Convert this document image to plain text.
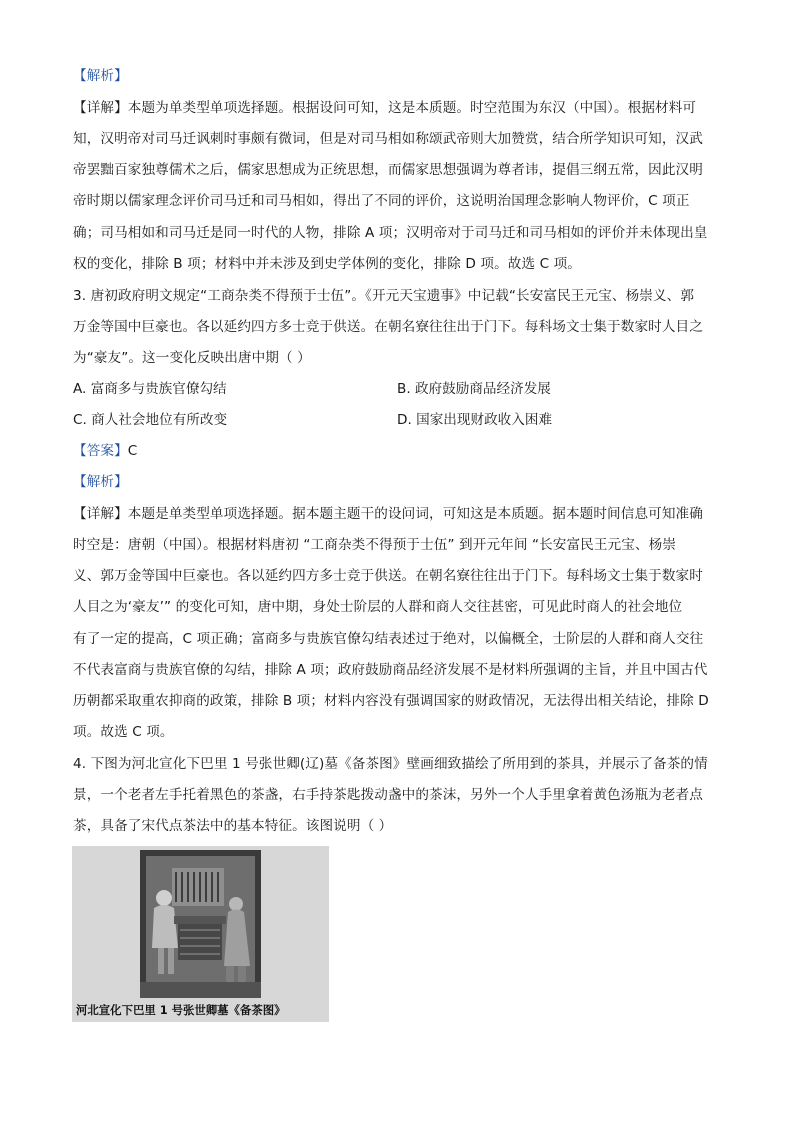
【解析】
【详解】本题为单类型单项选择题。根据设问可知，这是本质题。时空范围为东汉（中国）。根据材料可
知，汉明帝对司马迁讽刺时事颇有微词，但是对司马相如称颂武帝则大加赞赏，结合所学知识可知，汉武
帝罢黜百家独尊儒术之后，儒家思想成为正统思想，而儒家思想强调为尊者讳，提倡三纲五常，因此汉明
帝时期以儒家理念评价司马迁和司马相如，得出了不同的评价，这说明治国理念影响人物评价，C 项正
确；司马相如和司马迁是同一时代的人物，排除 A 项；汉明帝对于司马迁和司马相如的评价并未体现出皇
权的变化，排除 B 项；材料中并未涉及到史学体例的变化，排除 D 项。故选 C 项。
3. 唐初政府明文规定“工商杂类不得预于士伍”。《开元天宝遗事》中记载“长安富民王元宝、杨崇义、郭
万金等国中巨豪也。各以延约四方多士竞于供送。在朝名寮往往出于门下。每科场文士集于数家时人目之
为“豪友”。这一变化反映出唐中期（ ）
A. 富商多与贵族官僚勾结	B. 政府鼓励商品经济发展
C. 商人社会地位有所改变	D. 国家出现财政收入困难
【答案】C
【解析】
【详解】本题是单类型单项选择题。据本题主题干的设问词，可知这是本质题。据本题时间信息可知准确
时空是：唐朝（中国）。根据材料唐初 “工商杂类不得预于士伍” 到开元年间 “长安富民王元宝、杨崇
义、郭万金等国中巨豪也。各以延约四方多士竞于供送。在朝名寮往往出于门下。每科场文士集于数家时
人目之为‘豪友’” 的变化可知，唐中期，身处士阶层的人群和商人交往甚密，可见此时商人的社会地位
有了一定的提高，C 项正确；富商多与贵族官僚勾结表述过于绝对，以偏概全，士阶层的人群和商人交往
不代表富商与贵族官僚的勾结，排除 A 项；政府鼓励商品经济发展不是材料所强调的主旨，并且中国古代
历朝都采取重农抑商的政策，排除 B 项；材料内容没有强调国家的财政情况，无法得出相关结论，排除 D
项。故选 C 项。
4. 下图为河北宣化下巴里 1 号张世卿(辽)墓《备茶图》壁画细致描绘了所用到的茶具，并展示了备茶的情
景，一个老者左手托着黑色的茶盏，右手持茶匙拨动盏中的茶沫，另外一个人手里拿着黄色汤瓶为老者点
茶，具备了宋代点茶法中的基本特征。该图说明（ ）
河北宣化下巴里 1 号张世卿墓《备茶图》
